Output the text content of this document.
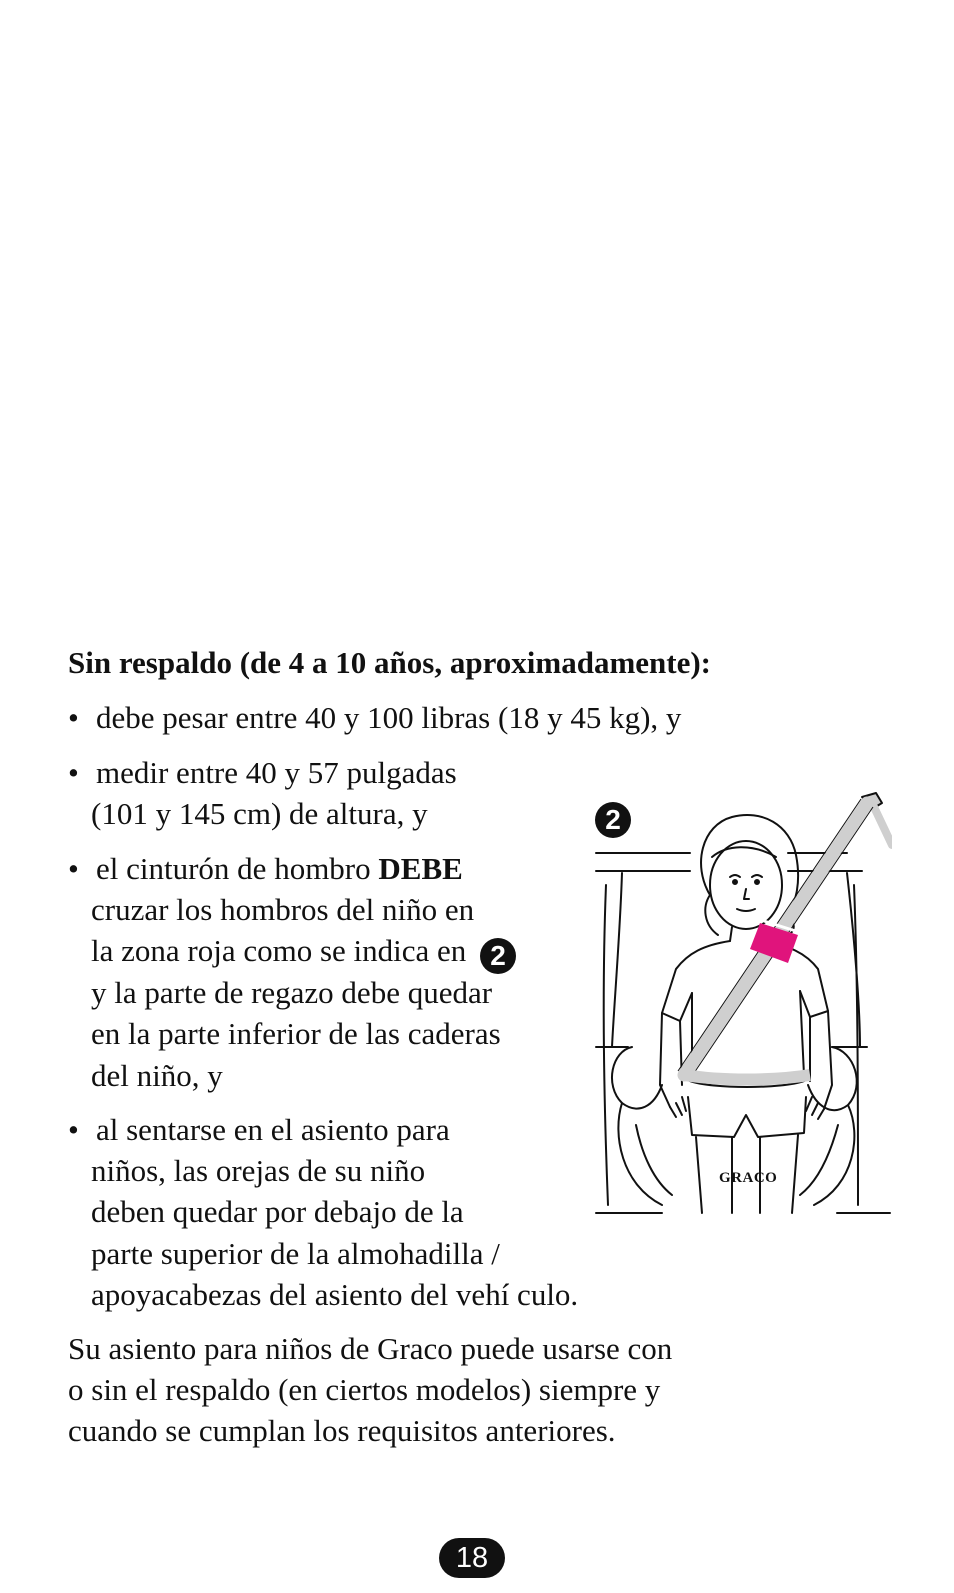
Sin respaldo (de 4 a 10 años, aproximadamente):
• debe pesar entre 40 y 100 libras (18 y 45 kg), y
• medir entre 40 y 57 pulgadas
(101 y 145 cm) de altura, y
• el cinturón de hombro DEBE
cruzar los hombros del niño en
la zona roja como se indica en 2
y la parte de regazo debe quedar
en la parte inferior de las caderas
del niño, y
• al sentarse en el asiento para
niños, las orejas de su niño
deben quedar por debajo de la
parte superior de la almohadilla /
apoyacabezas del asiento del vehí culo.
Su asiento para niños de Graco puede usarse con
o sin el respaldo (en ciertos modelos) siempre y
cuando se cumplan los requisitos anteriores.
2
GRACO
18
